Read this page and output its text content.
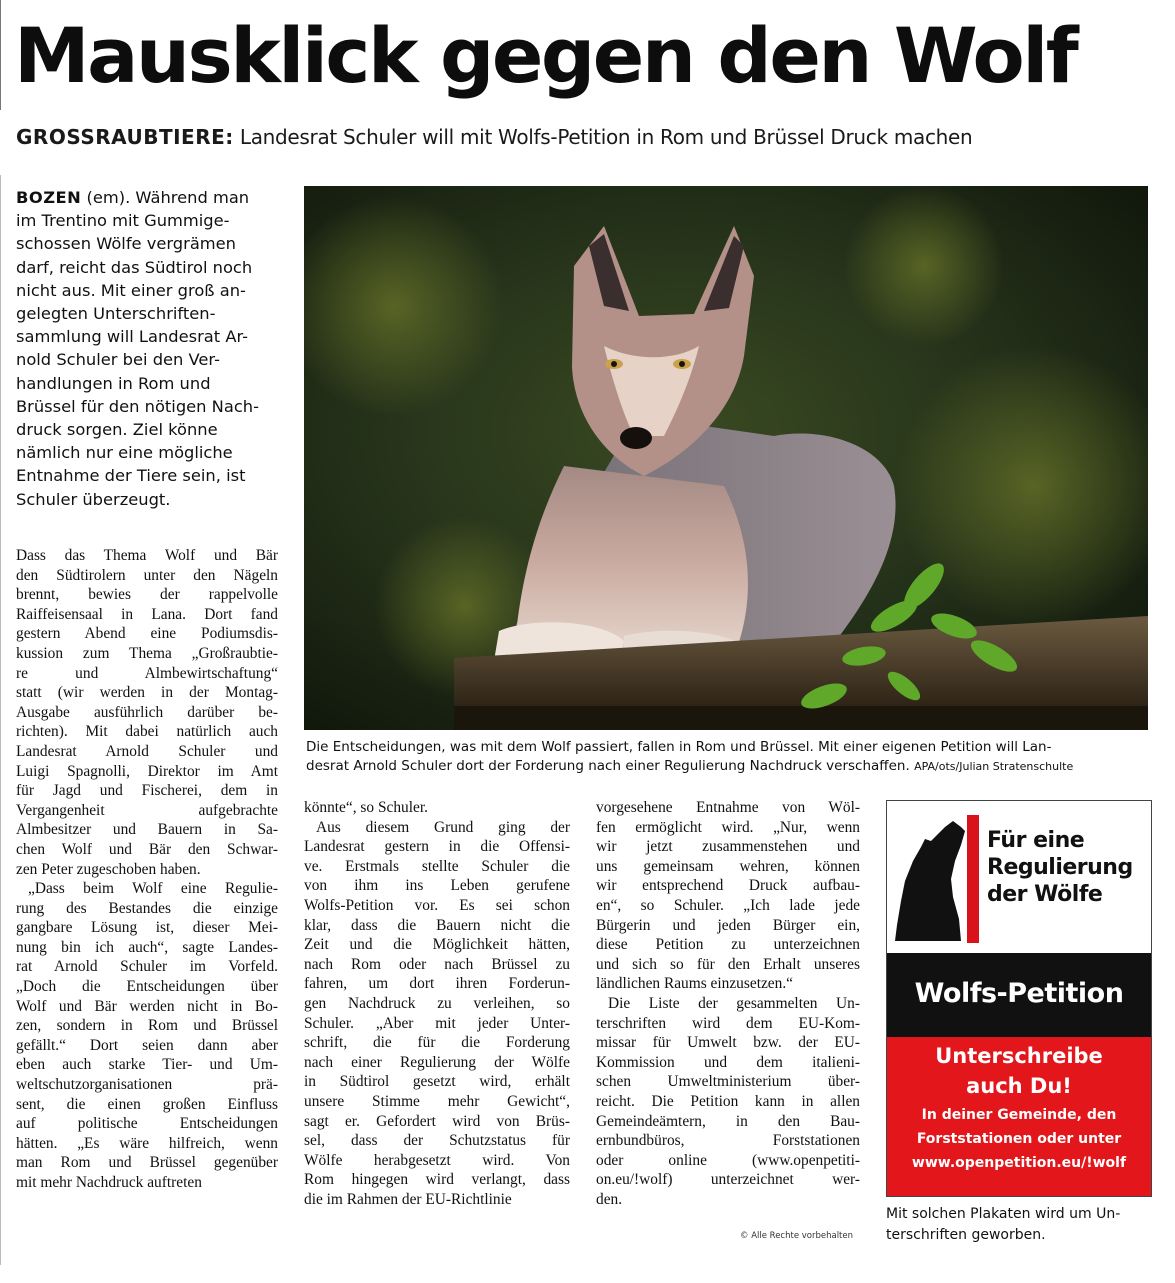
Mausklick gegen den Wolf
GROSSRAUBTIERE: Landesrat Schuler will mit Wolfs-Petition in Rom und Brüssel Druck machen

BOZEN (em). Während man

im Trentino mit Gummige-

schossen Wölfe vergrämen

darf, reicht das Südtirol noch

nicht aus. Mit einer groß an-

gelegten Unterschriften-

sammlung will Landesrat Ar-

nold Schuler bei den Ver-

handlungen in Rom und

Brüssel für den nötigen Nach-

druck sorgen. Ziel könne

nämlich nur eine mögliche

Entnahme der Tiere sein, ist

Schuler überzeugt.

Dass das Thema Wolf und Bär

den Südtirolern unter den Nägeln

brennt, bewies der rappelvolle

Raiffeisensaal in Lana. Dort fand

gestern Abend eine Podiumsdis-

kussion zum Thema „Großraubtie-

re und Almbewirtschaftung“

statt (wir werden in der Montag-

Ausgabe ausführlich darüber be-

richten). Mit dabei natürlich auch

Landesrat Arnold Schuler und

Luigi Spagnolli, Direktor im Amt

für Jagd und Fischerei, dem in

Vergangenheit aufgebrachte

Almbesitzer und Bauern in Sa-

chen Wolf und Bär den Schwar-

zen Peter zugeschoben haben.

„Dass beim Wolf eine Regulie-

rung des Bestandes die einzige

gangbare Lösung ist, dieser Mei-

nung bin ich auch“, sagte Landes-

rat Arnold Schuler im Vorfeld.

„Doch die Entscheidungen über

Wolf und Bär werden nicht in Bo-

zen, sondern in Rom und Brüssel

gefällt.“ Dort seien dann aber

eben auch starke Tier- und Um-

weltschutzorganisationen prä-

sent, die einen großen Einfluss

auf politische Entscheidungen

hätten. „Es wäre hilfreich, wenn

man Rom und Brüssel gegenüber

mit mehr Nachdruck auftreten

Die Entscheidungen, was mit dem Wolf passiert, fallen in Rom und Brüssel. Mit einer eigenen Petition will Lan-

desrat Arnold Schuler dort der Forderung nach einer Regulierung Nachdruck verschaffen. APA/ots/Julian Stratenschulte

könnte“, so Schuler.

Aus diesem Grund ging der

Landesrat gestern in die Offensi-

ve. Erstmals stellte Schuler die

von ihm ins Leben gerufene

Wolfs-Petition vor. Es sei schon

klar, dass die Bauern nicht die

Zeit und die Möglichkeit hätten,

nach Rom oder nach Brüssel zu

fahren, um dort ihren Forderun-

gen Nachdruck zu verleihen, so

Schuler. „Aber mit jeder Unter-

schrift, die für die Forderung

nach einer Regulierung der Wölfe

in Südtirol gesetzt wird, erhält

unsere Stimme mehr Gewicht“,

sagt er. Gefordert wird von Brüs-

sel, dass der Schutzstatus für

Wölfe herabgesetzt wird. Von

Rom hingegen wird verlangt, dass

die im Rahmen der EU-Richtlinie

vorgesehene Entnahme von Wöl-

fen ermöglicht wird. „Nur, wenn

wir jetzt zusammenstehen und

uns gemeinsam wehren, können

wir entsprechend Druck aufbau-

en“, so Schuler. „Ich lade jede

Bürgerin und jeden Bürger ein,

diese Petition zu unterzeichnen

und sich so für den Erhalt unseres

ländlichen Raums einzusetzen.“

Die Liste der gesammelten Un-

terschriften wird dem EU-Kom-

missar für Umwelt bzw. der EU-

Kommission und dem italieni-

schen Umweltministerium über-

reicht. Die Petition kann in allen

Gemeindeämtern, in den Bau-

ernbundbüros, Forststationen

oder online (www.openpetiti-

on.eu/!wolf) unterzeichnet wer-

den.

Für eine
Regulierung
der Wölfe
Wolfs-Petition
Unterschreibe
auch Du!
In deiner Gemeinde, den
Forststationen oder unter
www.openpetition.eu/!wolf

Mit solchen Plakaten wird um Un-

terschriften geworben.

© Alle Rechte vorbehalten
